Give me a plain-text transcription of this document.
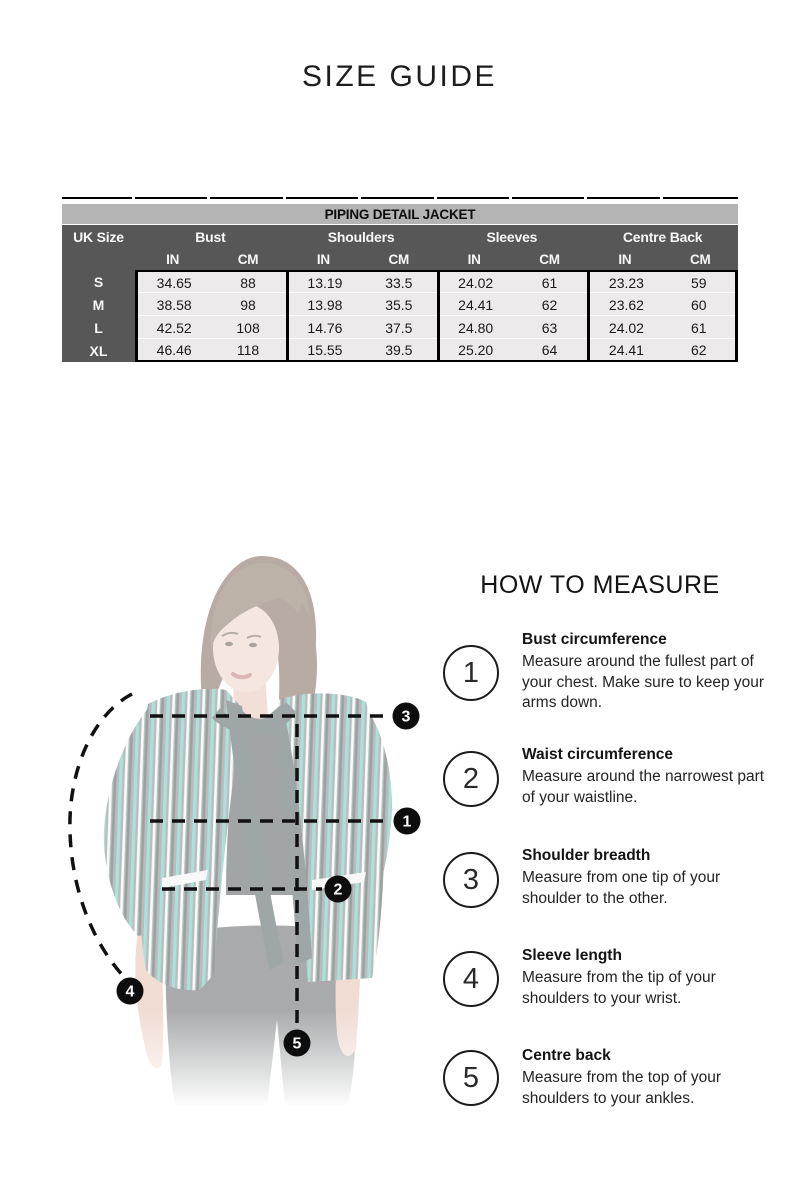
SIZE GUIDE
PIPING DETAIL JACKET
UK Size	Bust	Shoulders	Sleeves	Centre Back
IN	CM	IN	CM	IN	CM	IN	CM
S	34.65	88	13.19	33.5	24.02	61	23.23	59
M	38.58	98	13.98	35.5	24.41	62	23.62	60
L	42.52	108	14.76	37.5	24.80	63	24.02	61
XL	46.46	118	15.55	39.5	25.20	64	24.41	62
3
1
2
4
5
HOW TO MEASURE
1

Bust circumference

Measure around the fullest part of your chest. Make sure to keep your arms down.

2

Waist circumference

Measure around the narrowest part of your waistline.

3

Shoulder breadth

Measure from one tip of your shoulder to the other.

4

Sleeve length

Measure from the tip of your shoulders to your wrist.

5

Centre back

Measure from the top of your shoulders to your ankles.
